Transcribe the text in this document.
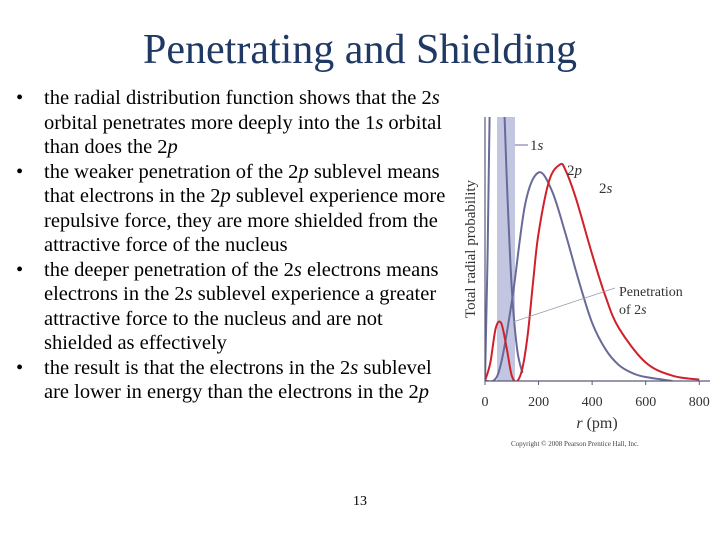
Penetrating and Shielding
• the radial distribution function shows that the 2s orbital penetrates more deeply into the 1s orbital than does the 2p
• the weaker penetration of the 2p sublevel means that electrons in the 2p sublevel experience more repulsive force, they are more shielded from the attractive force of the nucleus
• the deeper penetration of the 2s electrons means electrons in the 2s sublevel experience a greater attractive force to the nucleus and are not shielded as effectively
• the result is that the electrons in the 2s sublevel are lower in energy than the electrons in the 2p	0	200 400 600 800
Total radial probability
r (pm)
1s
2p
2s
Penetration
of 2s
Copyright © 2008 Pearson Prentice Hall, Inc.
13
